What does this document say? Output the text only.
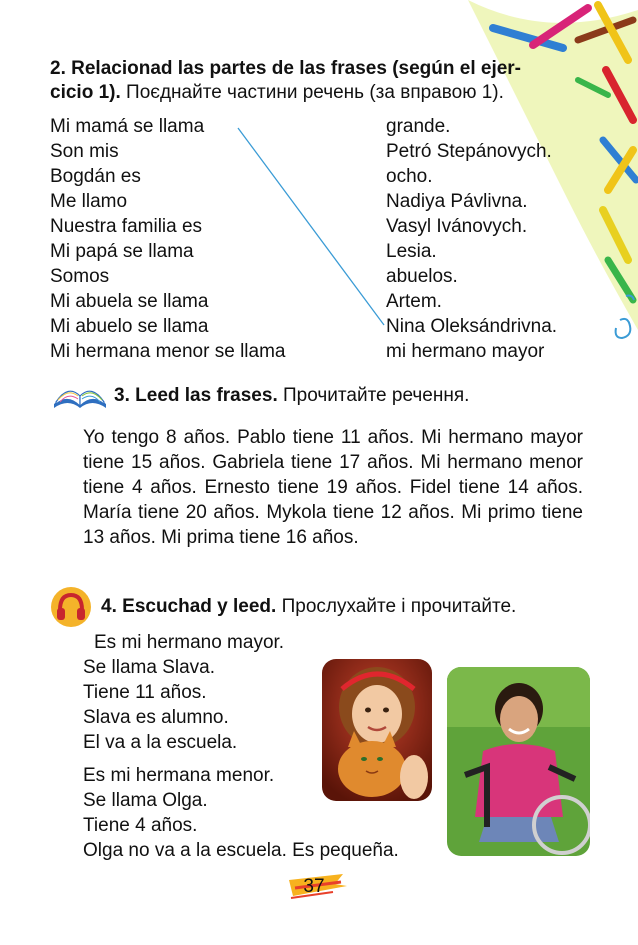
2. Relacionad las partes de las frases (según el ejer-
cicio 1). Поєднайте частини речень (за вправою 1).
Mi mamá se llama
Son mis
Bogdán es
Me llamo
Nuestra familia es
Mi papá se llama
Somos
Mi abuela se llama
Mi abuelo se llama
Mi hermana menor se llama
grande.
Petró Stepánovych.
ocho.
Nadiya Pávlivna.
Vasyl Ivánovych.
Lesia.
abuelos.
Artem.
Nina Oleksándrivna.
mi hermano mayor
3. Leed las frases. Прочитайте речення.
Yo tengo 8 años. Pablo tiene 11 años. Mi hermano mayor tiene 15 años. Gabriela tiene 17 años. Mi hermano menor tiene 4 años. Ernesto tiene 19 años. Fidel tiene 14 años. María tiene 20 años. Mykola tiene 12 años. Mi primo tiene 13 años. Mi prima tiene 16 años.
4. Escuchad y leed. Прослухайте і прочитайте.
Es mi hermano mayor.
Se llama Slava.
Tiene 11 años.
Slava es alumno.
El va a la escuela.
Es mi hermana menor.
Se llama Olga.
Tiene 4 años.
Olga no va a la escuela. Es pequeña.
37
